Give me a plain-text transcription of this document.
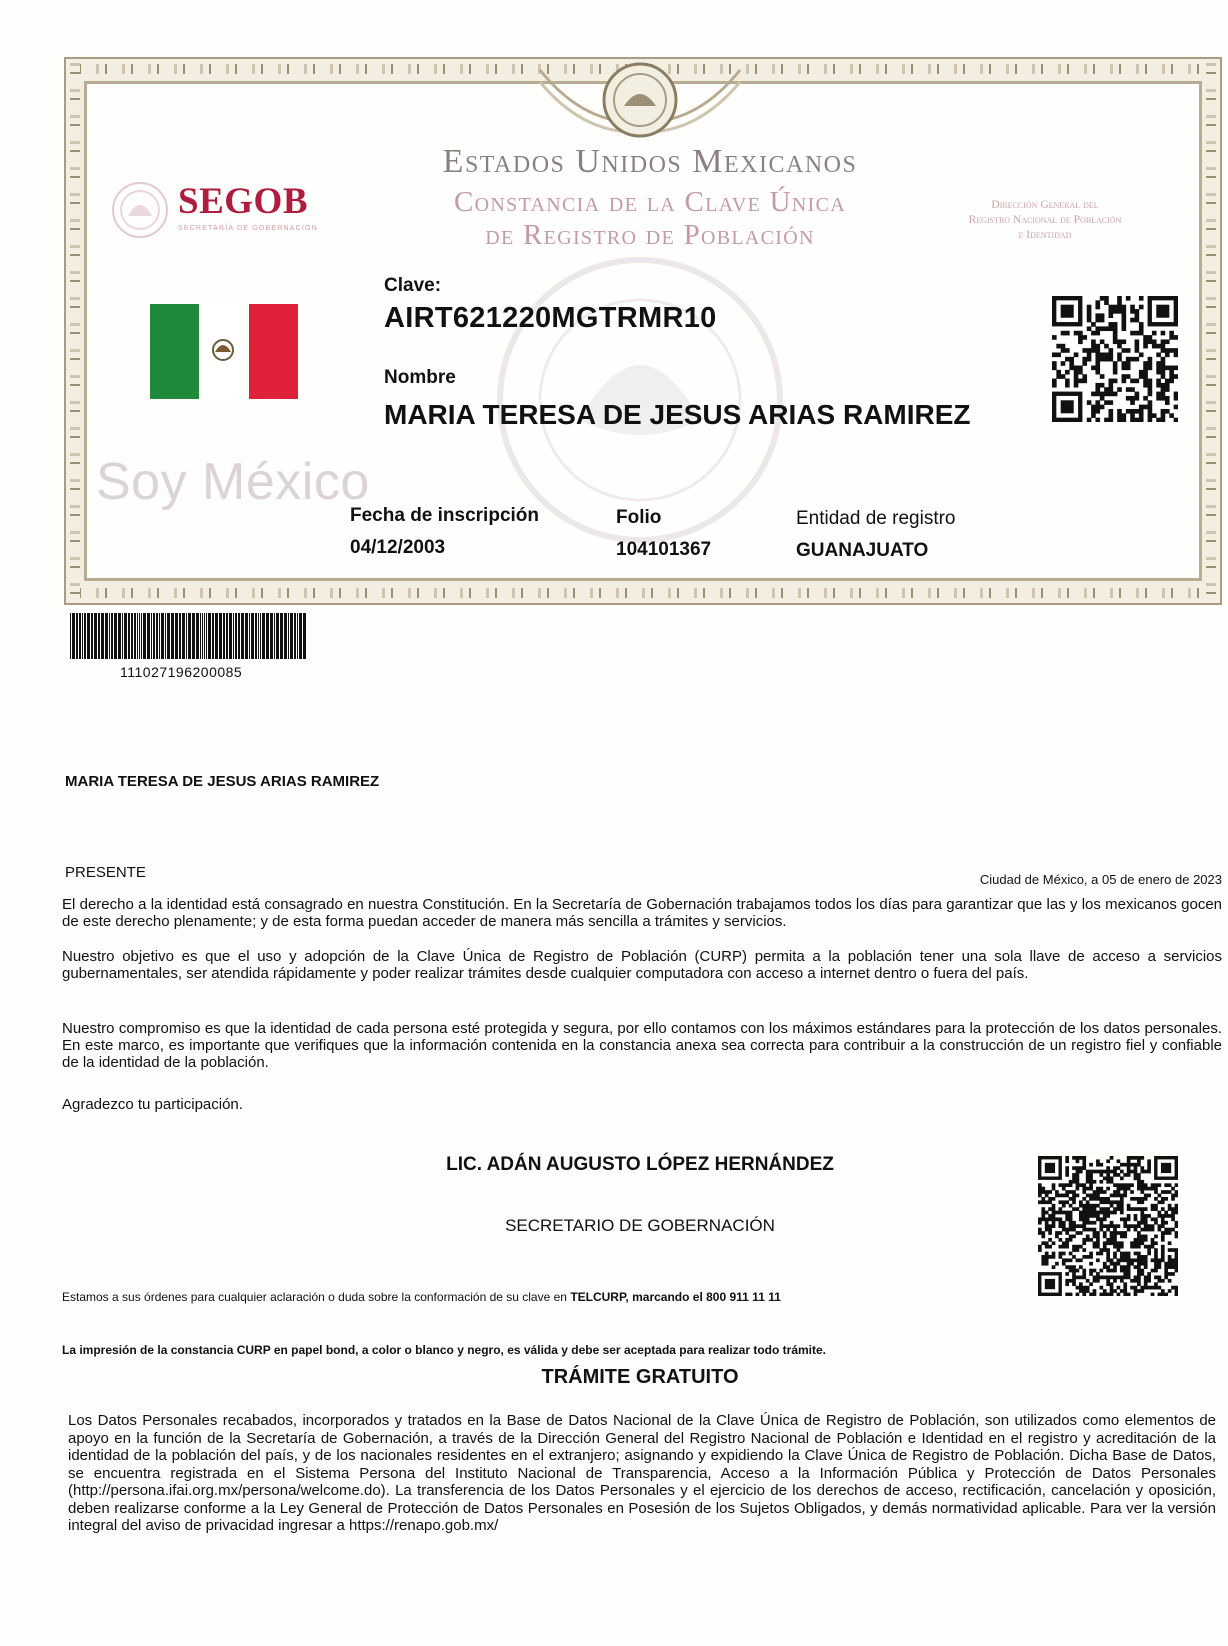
SEGOB
SECRETARÍA DE GOBERNACIÓN
Estados Unidos Mexicanos
Constancia de la Clave Única
de Registro de Población
Dirección General del
Registro Nacional de Población
e Identidad
Soy México
Clave:
AIRT621220MGTRMR10
Nombre
MARIA TERESA DE JESUS ARIAS RAMIREZ
Fecha de inscripción
04/12/2003
Folio
104101367
Entidad de registro
GUANAJUATO
111027196200085
MARIA TERESA DE JESUS ARIAS RAMIREZ
PRESENTE	Ciudad de México, a 05 de enero de 2023
El derecho a la identidad está consagrado en nuestra Constitución. En la Secretaría de Gobernación trabajamos todos los días para garantizar que las y los mexicanos gocen de este derecho plenamente; y de esta forma puedan acceder de manera más sencilla a trámites y servicios.
Nuestro objetivo es que el uso y adopción de la Clave Única de Registro de Población (CURP) permita a la población tener una sola llave de acceso a servicios gubernamentales, ser atendida rápidamente y poder realizar trámites desde cualquier computadora con acceso a internet dentro o fuera del país.
Nuestro compromiso es que la identidad de cada persona esté protegida y segura, por ello contamos con los máximos estándares para la protección de los datos personales. En este marco, es importante que verifiques que la información contenida en la constancia anexa sea correcta para contribuir a la construcción de un registro fiel y confiable de la identidad de la población.
Agradezco tu participación.
LIC. ADÁN AUGUSTO LÓPEZ HERNÁNDEZ
SECRETARIO DE GOBERNACIÓN
Estamos a sus órdenes para cualquier aclaración o duda sobre la conformación de su clave en TELCURP, marcando el 800 911 11 11
La impresión de la constancia CURP en papel bond, a color o blanco y negro, es válida y debe ser aceptada para realizar todo trámite.
TRÁMITE GRATUITO
Los Datos Personales recabados, incorporados y tratados en la Base de Datos Nacional de la Clave Única de Registro de Población, son utilizados como elementos de apoyo en la función de la Secretaría de Gobernación, a través de la Dirección General del Registro Nacional de Población e Identidad en el registro y acreditación de la identidad de la población del país, y de los nacionales residentes en el extranjero; asignando y expidiendo la Clave Única de Registro de Población. Dicha Base de Datos, se encuentra registrada en el Sistema Persona del Instituto Nacional de Transparencia, Acceso a la Información Pública y Protección de Datos Personales (http://persona.ifai.org.mx/persona/welcome.do). La transferencia de los Datos Personales y el ejercicio de los derechos de acceso, rectificación, cancelación y oposición, deben realizarse conforme a la Ley General de Protección de Datos Personales en Posesión de los Sujetos Obligados, y demás normatividad aplicable. Para ver la versión integral del aviso de privacidad ingresar a https://renapo.gob.mx/
